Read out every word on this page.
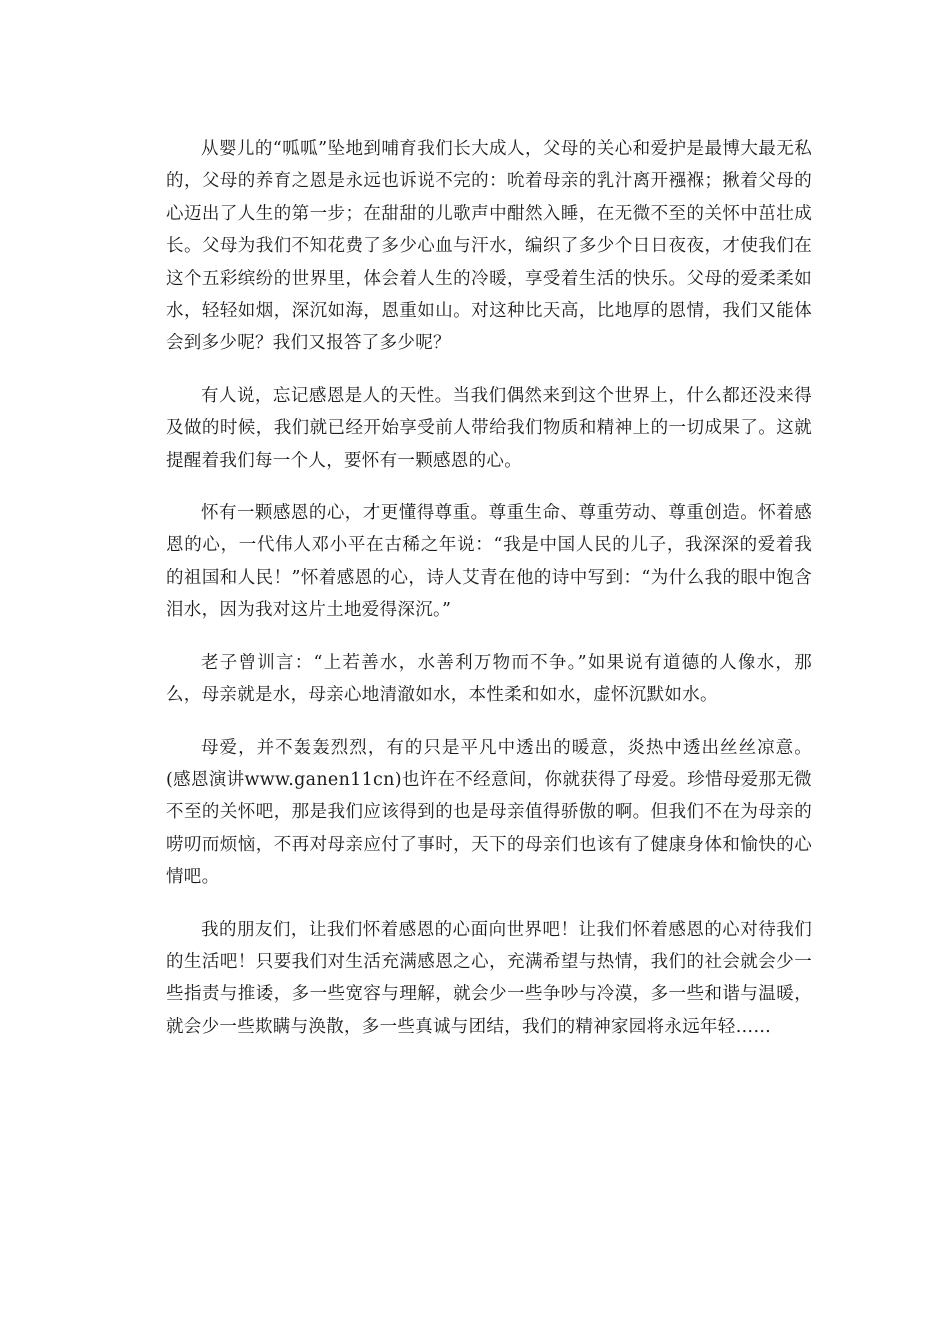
从婴儿的“呱呱”坠地到哺育我们长大成人，父母的关心和爱护是最博大最无私的，父母的养育之恩是永远也诉说不完的：吮着母亲的乳汁离开襁褓；揪着父母的心迈出了人生的第一步；在甜甜的儿歌声中酣然入睡，在无微不至的关怀中茁壮成长。父母为我们不知花费了多少心血与汗水，编织了多少个日日夜夜，才使我们在这个五彩缤纷的世界里，体会着人生的冷暖，享受着生活的快乐。父母的爱柔柔如水，轻轻如烟，深沉如海，恩重如山。对这种比天高，比地厚的恩情，我们又能体会到多少呢？我们又报答了多少呢？

有人说，忘记感恩是人的天性。当我们偶然来到这个世界上，什么都还没来得及做的时候，我们就已经开始享受前人带给我们物质和精神上的一切成果了。这就提醒着我们每一个人，要怀有一颗感恩的心。

怀有一颗感恩的心，才更懂得尊重。尊重生命、尊重劳动、尊重创造。怀着感恩的心，一代伟人邓小平在古稀之年说：“我是中国人民的儿子，我深深的爱着我的祖国和人民！”怀着感恩的心，诗人艾青在他的诗中写到：“为什么我的眼中饱含泪水，因为我对这片土地爱得深沉。”

老子曾训言：“上若善水，水善利万物而不争。”如果说有道德的人像水，那么，母亲就是水，母亲心地清澈如水，本性柔和如水，虚怀沉默如水。

母爱，并不轰轰烈烈，有的只是平凡中透出的暖意，炎热中透出丝丝凉意。(感恩演讲www.ganen11cn)也许在不经意间，你就获得了母爱。珍惜母爱那无微不至的关怀吧，那是我们应该得到的也是母亲值得骄傲的啊。但我们不在为母亲的唠叨而烦恼，不再对母亲应付了事时，天下的母亲们也该有了健康身体和愉快的心情吧。

我的朋友们，让我们怀着感恩的心面向世界吧！让我们怀着感恩的心对待我们的生活吧！只要我们对生活充满感恩之心，充满希望与热情，我们的社会就会少一些指责与推诿，多一些宽容与理解，就会少一些争吵与冷漠，多一些和谐与温暖，就会少一些欺瞒与涣散，多一些真诚与团结，我们的精神家园将永远年轻……
